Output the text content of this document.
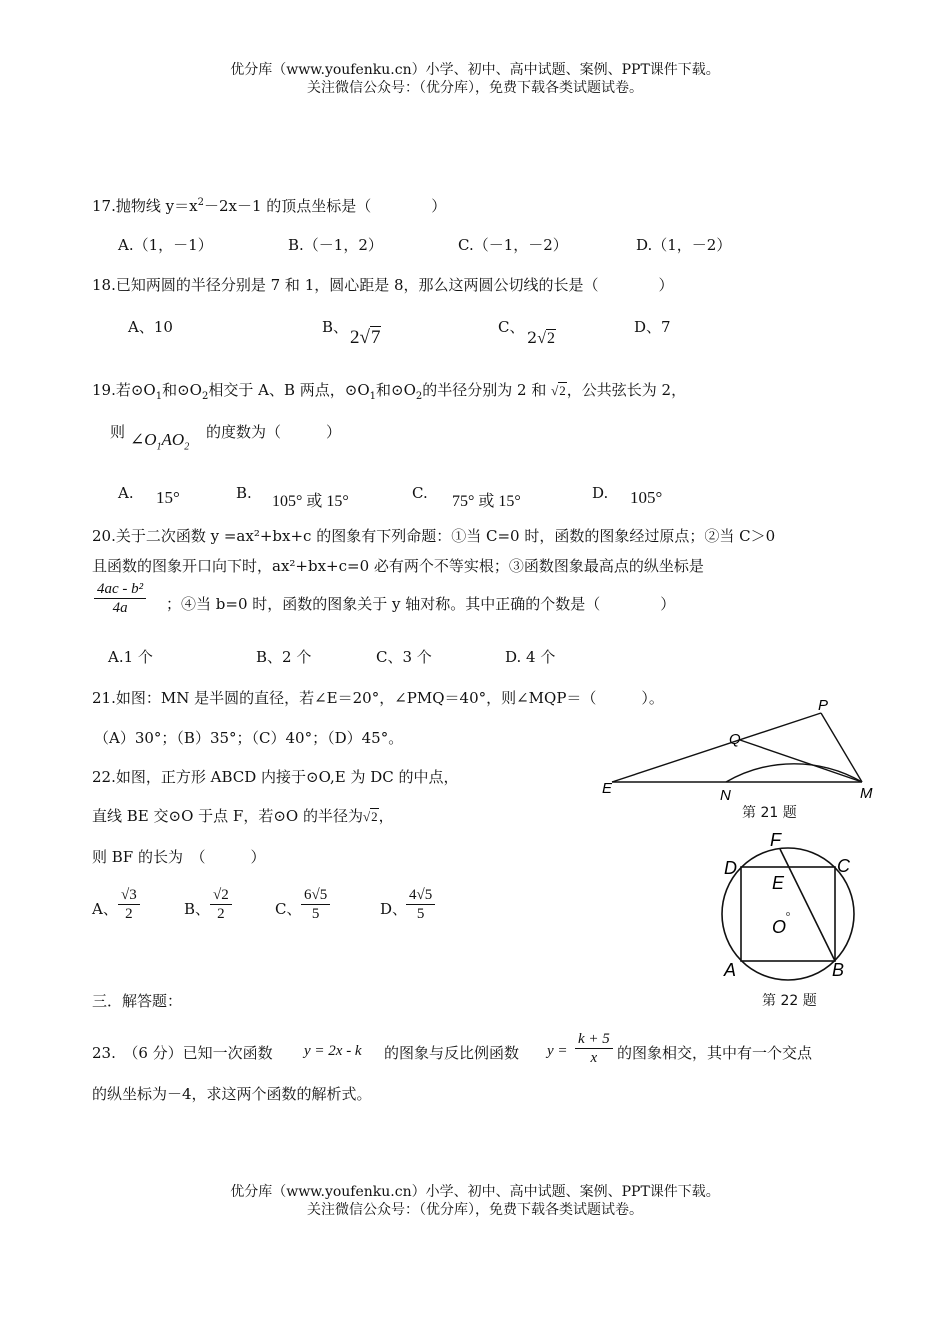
优分库（www.youfenku.cn）小学、初中、高中试题、案例、PPT课件下载。
关注微信公众号：（优分库），免费下载各类试题试卷。
17.抛物线 $y=x^2-2x-1$ 的顶点坐标是（　　　　）
A.（1，－1）	B.（－1，2）	C.（－1，－2）	D.（1，－2）
18.已知两圆的半径分别是 7 和 1，圆心距是 8，那么这两圆公切线的长是（　　　　）
A、10	B、 2√7	C、
2√2
D、7
19.若$⊙O_1$和$⊙O_2$相交于 A、B 两点，$⊙O_1$和$⊙O_2$的半径分别为 2 和 √2，公共弦长为 2，
则 $\angle O_1AO_2$
的度数为（　　　）
A. 15°	B. 105° 或 15°	C. 75° 或 15°	D. 105°
20.关于二次函数 y =ax²+bx+c 的图象有下列命题：①当 C=0 时，函数的图象经过原点；②当 C＞0
且函数的图象开口向下时，ax²+bx+c=0 必有两个不等实根；③函数图象最高点的纵坐标是
$\frac{\text{4ac - b²}}{4a}$ ；④当 b=0 时，函数的图象关于 y 轴对称。其中正确的个数是（　　　　）
A.1 个	B、2 个	C、3 个	D. 4 个
21.如图：MN 是半圆的直径，若∠E＝20°，∠PMQ＝40°，则∠MQP＝（　　　）。
（A）30°；（B）35°；（C）40°；（D）45°。
E	N	M
Q
P
第 21 题
22.如图，正方形 ABCD 内接于⊙O,E 为 DC 的中点，
直线 BE 交⊙O 于点 F，若⊙O 的半径为√2，
则 BF 的长为　（　　　）
A、 $\frac{√3}{2}$	B、 $\frac{√2}{2}$	C、 $\frac{6√5}{5}$	D、
$\frac{4√5}{5}$
D	C
F
E
O
A	B
第 22 题
三．解答题：
23.　（6 分）已知一次函数 y = 2x - k 的图象与反比例函数 $y = \frac{k + 5}{x}$ 的图象相交，其中有一个交点
的纵坐标为－4，求这两个函数的解析式。
优分库（www.youfenku.cn）小学、初中、高中试题、案例、PPT课件下载。
关注微信公众号：（优分库），免费下载各类试题试卷。
